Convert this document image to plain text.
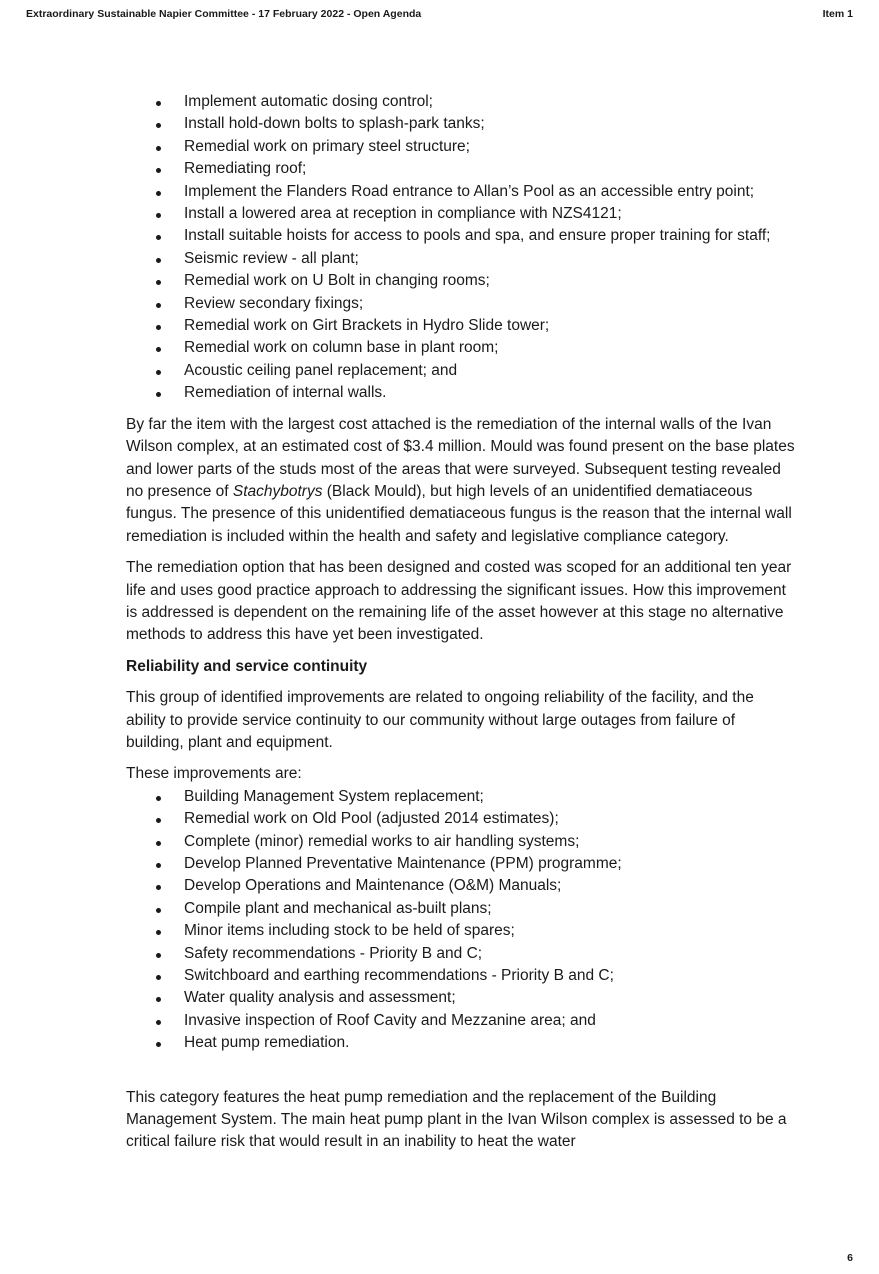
Extraordinary Sustainable Napier Committee - 17 February 2022 - Open Agenda	Item 1
Implement automatic dosing control;
Install hold-down bolts to splash-park tanks;
Remedial work on primary steel structure;
Remediating roof;
Implement the Flanders Road entrance to Allan’s Pool as an accessible entry point;
Install a lowered area at reception in compliance with NZS4121;
Install suitable hoists for access to pools and spa, and ensure proper training for staff;
Seismic review - all plant;
Remedial work on U Bolt in changing rooms;
Review secondary fixings;
Remedial work on Girt Brackets in Hydro Slide tower;
Remedial work on column base in plant room;
Acoustic ceiling panel replacement; and
Remediation of internal walls.

By far the item with the largest cost attached is the remediation of the internal walls of the Ivan Wilson complex, at an estimated cost of $3.4 million. Mould was found present on the base plates and lower parts of the studs most of the areas that were surveyed. Subsequent testing revealed no presence of Stachybotrys (Black Mould), but high levels of an unidentified dematiaceous fungus. The presence of this unidentified dematiaceous fungus is the reason that the internal wall remediation is included within the health and safety and legislative compliance category.

The remediation option that has been designed and costed was scoped for an additional ten year life and uses good practice approach to addressing the significant issues. How this improvement is addressed is dependent on the remaining life of the asset however at this stage no alternative methods to address this have yet been investigated.

Reliability and service continuity

This group of identified improvements are related to ongoing reliability of the facility, and the ability to provide service continuity to our community without large outages from failure of building, plant and equipment.

These improvements are:

Building Management System replacement;
Remedial work on Old Pool (adjusted 2014 estimates);
Complete (minor) remedial works to air handling systems;
Develop Planned Preventative Maintenance (PPM) programme;
Develop Operations and Maintenance (O&M) Manuals;
Compile plant and mechanical as-built plans;
Minor items including stock to be held of spares;
Safety recommendations - Priority B and C;
Switchboard and earthing recommendations - Priority B and C;
Water quality analysis and assessment;
Invasive inspection of Roof Cavity and Mezzanine area; and
Heat pump remediation.

This category features the heat pump remediation and the replacement of the Building Management System. The main heat pump plant in the Ivan Wilson complex is assessed to be a critical failure risk that would result in an inability to heat the water

6
